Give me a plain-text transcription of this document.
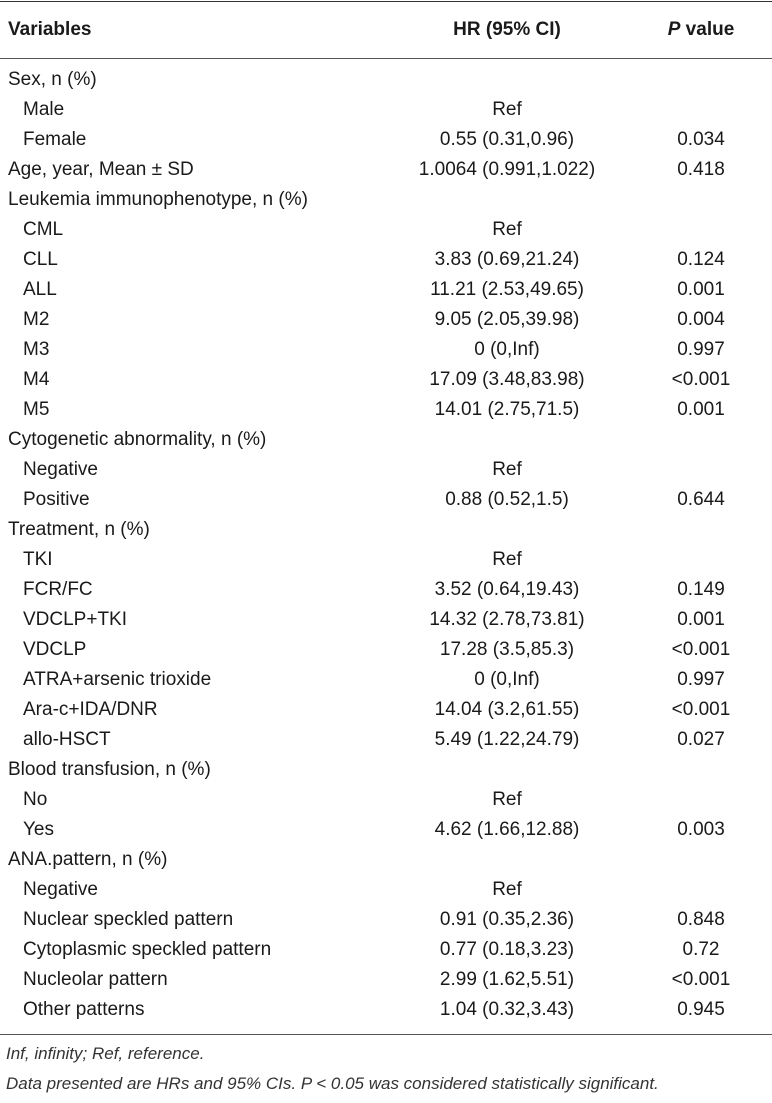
Variables	HR (95% CI)	P value
Sex, n (%)
Male	Ref
Female	0.55 (0.31,0.96)	0.034
Age, year, Mean ± SD	1.0064 (0.991,1.022)	0.418
Leukemia immunophenotype, n (%)
CML	Ref
CLL	3.83 (0.69,21.24)	0.124
ALL	11.21 (2.53,49.65)	0.001
M2	9.05 (2.05,39.98)	0.004
M3	0 (0,Inf)	0.997
M4	17.09 (3.48,83.98)	<0.001
M5	14.01 (2.75,71.5)	0.001
Cytogenetic abnormality, n (%)
Negative	Ref
Positive	0.88 (0.52,1.5)	0.644
Treatment, n (%)
TKI	Ref
FCR/FC	3.52 (0.64,19.43)	0.149
VDCLP+TKI	14.32 (2.78,73.81)	0.001
VDCLP	17.28 (3.5,85.3)	<0.001
ATRA+arsenic trioxide	0 (0,Inf)	0.997
Ara-c+IDA/DNR	14.04 (3.2,61.55)	<0.001
allo-HSCT	5.49 (1.22,24.79)	0.027
Blood transfusion, n (%)
No	Ref
Yes	4.62 (1.66,12.88)	0.003
ANA.pattern, n (%)
Negative	Ref
Nuclear speckled pattern	0.91 (0.35,2.36)	0.848
Cytoplasmic speckled pattern	0.77 (0.18,3.23)	0.72
Nucleolar pattern	2.99 (1.62,5.51)	<0.001
Other patterns	1.04 (0.32,3.43)	0.945
Inf, infinity; Ref, reference.
Data presented are HRs and 95% CIs. P < 0.05 was considered statistically significant.
